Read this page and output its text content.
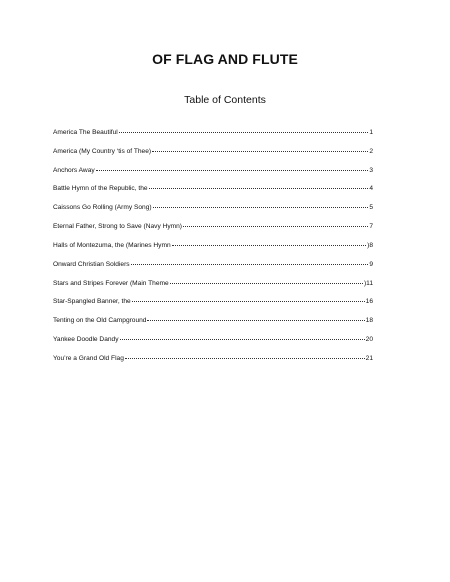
OF FLAG AND FLUTE
Table of Contents
America The Beautiful	1
America (My Country ‘tis of Thee)	2
Anchors Away	3
Battle Hymn of the Republic, the	4
Caissons Go Rolling (Army Song)	5
Eternal Father, Strong to Save (Navy Hymn)	7
Halls of Montezuma, the (Marines Hymn	)8
Onward Christian Soldiers	9
Stars and Stripes Forever (Main Theme	)11
Star-Spangled Banner, the	16
Tenting on the Old Campground	18
Yankee Doodle Dandy	20
You’re a Grand Old Flag	21
